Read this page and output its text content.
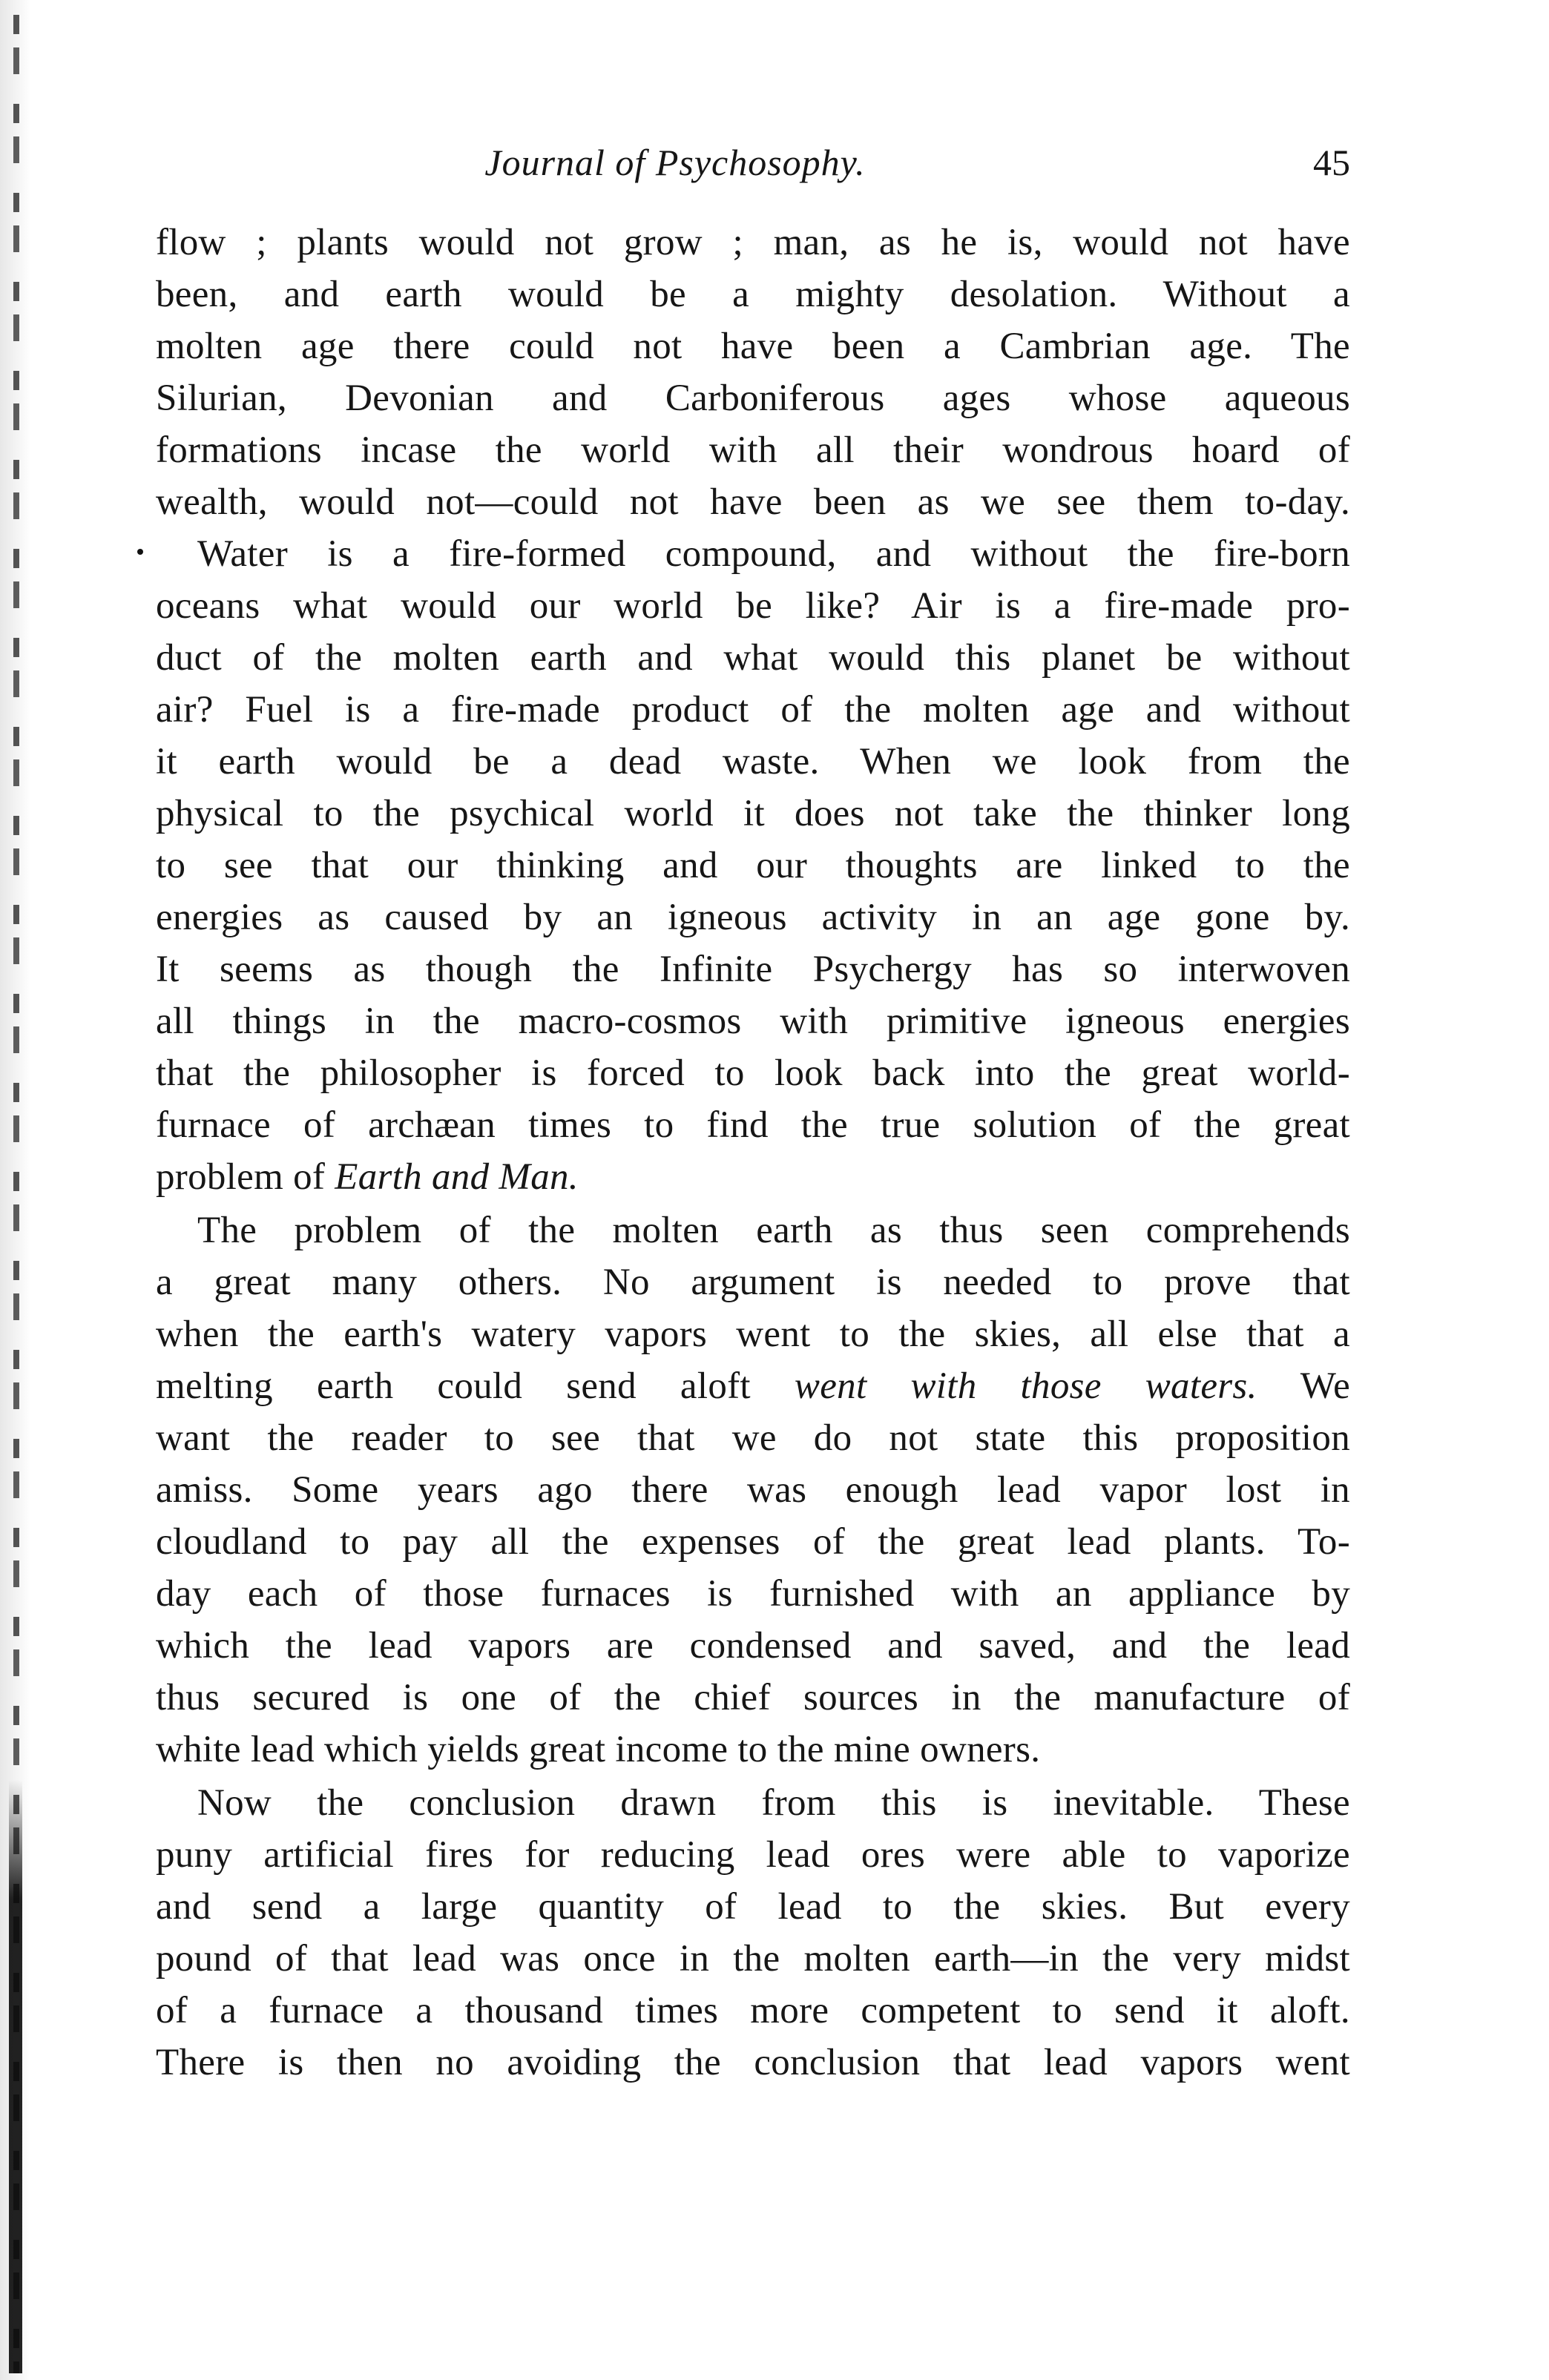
Journal of Psychosophy.	45
flow ; plants would not grow ; man, as he is, would not have
been, and earth would be a mighty desolation. Without a
molten age there could not have been a Cambrian age. The
Silurian, Devonian and Carboniferous ages whose aqueous
formations incase the world with all their wondrous hoard of
wealth, would not—could not have been as we see them to-day.
Water is a fire-formed compound, and without the fire-born
oceans what would our world be like? Air is a fire-made pro-
duct of the molten earth and what would this planet be without
air? Fuel is a fire-made product of the molten age and without
it earth would be a dead waste. When we look from the
physical to the psychical world it does not take the thinker long
to see that our thinking and our thoughts are linked to the
energies as caused by an igneous activity in an age gone by.
It seems as though the Infinite Psychergy has so interwoven
all things in the macro-cosmos with primitive igneous energies
that the philosopher is forced to look back into the great world-
furnace of archæan times to find the true solution of the great
problem of Earth and Man.
The problem of the molten earth as thus seen comprehends
a great many others. No argument is needed to prove that
when the earth's watery vapors went to the skies, all else that a
melting earth could send aloft went with those waters. We
want the reader to see that we do not state this proposition
amiss. Some years ago there was enough lead vapor lost in
cloudland to pay all the expenses of the great lead plants. To-
day each of those furnaces is furnished with an appliance by
which the lead vapors are condensed and saved, and the lead
thus secured is one of the chief sources in the manufacture of
white lead which yields great income to the mine owners.
Now the conclusion drawn from this is inevitable. These
puny artificial fires for reducing lead ores were able to vaporize
and send a large quantity of lead to the skies. But every
pound of that lead was once in the molten earth—in the very midst
of a furnace a thousand times more competent to send it aloft.
There is then no avoiding the conclusion that lead vapors went
